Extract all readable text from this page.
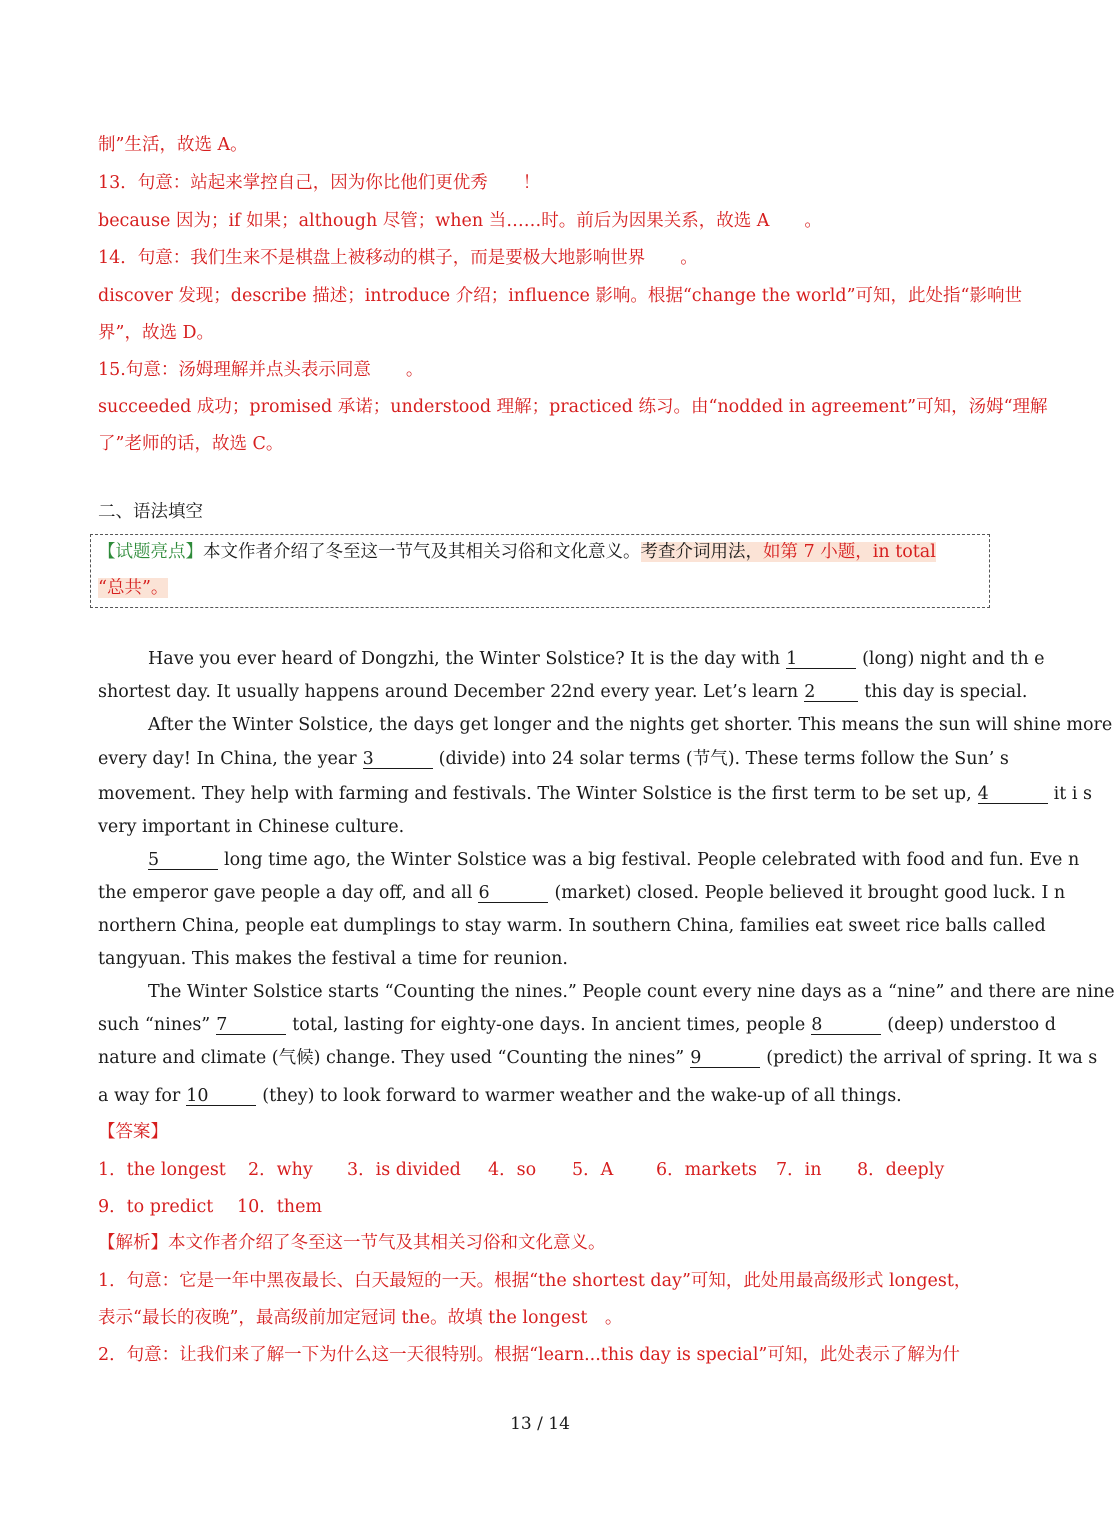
制”生活，故选 A。
13．句意：站起来掌控自己，因为你比他们更优秀　　！
because 因为；if 如果；although 尽管；when 当……时。前后为因果关系，故选 A　　。
14．句意：我们生来不是棋盘上被移动的棋子，而是要极大地影响世界　　。
discover 发现；describe 描述；introduce 介绍；influence 影响。根据“change the world”可知，此处指“影响世
界”，故选 D。
15.句意：汤姆理解并点头表示同意　　。
succeeded 成功；promised 承诺；understood 理解；practiced 练习。由“nodded in agreement”可知，汤姆“理解
了”老师的话，故选 C。
二、语法填空
【试题亮点】本文作者介绍了冬至这一节气及其相关习俗和文化意义。考查介词用法，如第 7 小题，in total
“总共”。
Have you ever heard of Dongzhi, the Winter Solstice? It is the day with 1	(long) night and th e
shortest day. It usually happens around December 22nd every year. Let’s learn 2	this day is special.
After the Winter Solstice, the days get longer and the nights get shorter. This means the sun will shine more
every day! In China, the year 3	(divide) into 24 solar terms (节气). These terms follow the Sun’ s
movement. They help with farming and festivals. The Winter Solstice is the first term to be set up, 4	it i s
very important in Chinese culture.
5	long time ago, the Winter Solstice was a big festival. People celebrated with food and fun. Eve n
the emperor gave people a day off, and all 6	(market) closed. People believed it brought good luck. I n
northern China, people eat dumplings to stay warm. In southern China, families eat sweet rice balls called
tangyuan. This makes the festival a time for reunion.
The Winter Solstice starts “Counting the nines.” People count every nine days as a “nine” and there are nine
such “nines” 7	total, lasting for eighty-one days. In ancient times, people 8	(deep) understoo d
nature and climate (气候) change. They used “Counting the nines” 9	(predict) the arrival of spring. It wa s
a way for 10	(they) to look forward to warmer weather and the wake-up of all things.
【答案】
1．the longest 2．why 3．is divided 4．so 5．A 6．markets 7．in 8．deeply
9．to predict 10．them
【解析】本文作者介绍了冬至这一节气及其相关习俗和文化意义。
1．句意：它是一年中黑夜最长、白天最短的一天。根据“the shortest day”可知，此处用最高级形式 longest，
表示“最长的夜晚”，最高级前加定冠词 the。故填 the longest　。
2．句意：让我们来了解一下为什么这一天很特别。根据“learn...this day is special”可知，此处表示了解为什
13 / 14
